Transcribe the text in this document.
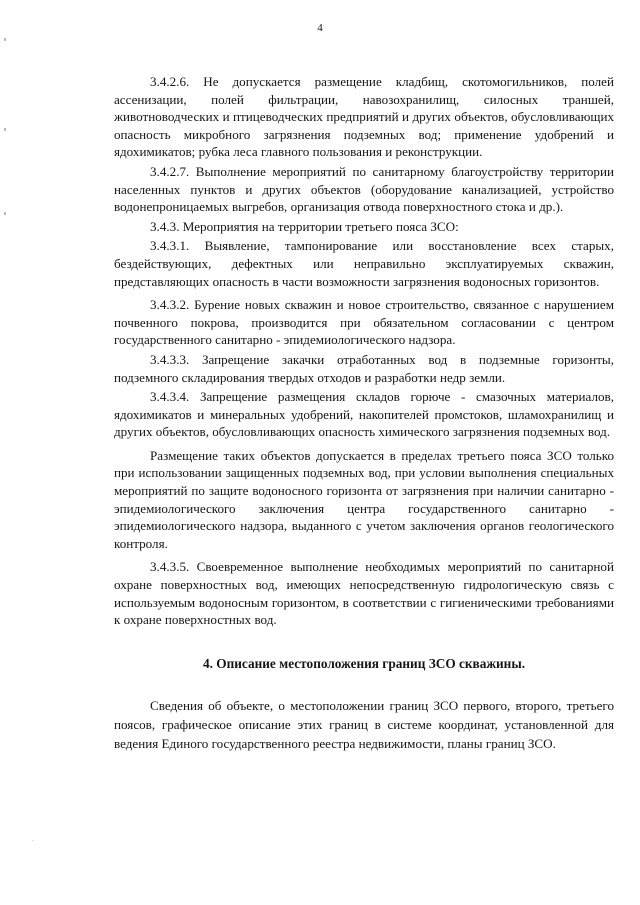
4

3.4.2.6. Не допускается размещение кладбищ, скотомогильников, полей ассенизации, полей фильтрации, навозохранилищ, силосных траншей, животноводческих и птицеводческих предприятий и других объектов, обусловливающих опасность микробного загрязнения подземных вод; применение удобрений и ядохимикатов; рубка леса главного пользования и реконструкции.

3.4.2.7. Выполнение мероприятий по санитарному благоустройству территории населенных пунктов и других объектов (оборудование канализацией, устройство водонепроницаемых выгребов, организация отвода поверхностного стока и др.).

3.4.3. Мероприятия на территории третьего пояса ЗСО:

3.4.3.1. Выявление, тампонирование или восстановление всех старых, бездействующих, дефектных или неправильно эксплуатируемых скважин, представляющих опасность в части возможности загрязнения водоносных горизонтов.

3.4.3.2. Бурение новых скважин и новое строительство, связанное с нарушением почвенного покрова, производится при обязательном согласовании с центром государственного санитарно - эпидемиологического надзора.

3.4.3.3. Запрещение закачки отработанных вод в подземные горизонты, подземного складирования твердых отходов и разработки недр земли.

3.4.3.4. Запрещение размещения складов горюче - смазочных материалов, ядохимикатов и минеральных удобрений, накопителей промстоков, шламохранилищ и других объектов, обусловливающих опасность химического загрязнения подземных вод.

Размещение таких объектов допускается в пределах третьего пояса ЗСО только при использовании защищенных подземных вод, при условии выполнения специальных мероприятий по защите водоносного горизонта от загрязнения при наличии санитарно - эпидемиологического заключения центра государственного санитарно - эпидемиологического надзора, выданного с учетом заключения органов геологического контроля.

3.4.3.5. Своевременное выполнение необходимых мероприятий по санитарной охране поверхностных вод, имеющих непосредственную гидрологическую связь с используемым водоносным горизонтом, в соответствии с гигиеническими требованиями к охране поверхностных вод.

4. Описание местоположения границ ЗСО скважины.

Сведения об объекте, о местоположении границ ЗСО первого, второго, третьего поясов, графическое описание этих границ в системе координат, установленной для ведения Единого государственного реестра недвижимости, планы границ ЗСО.
